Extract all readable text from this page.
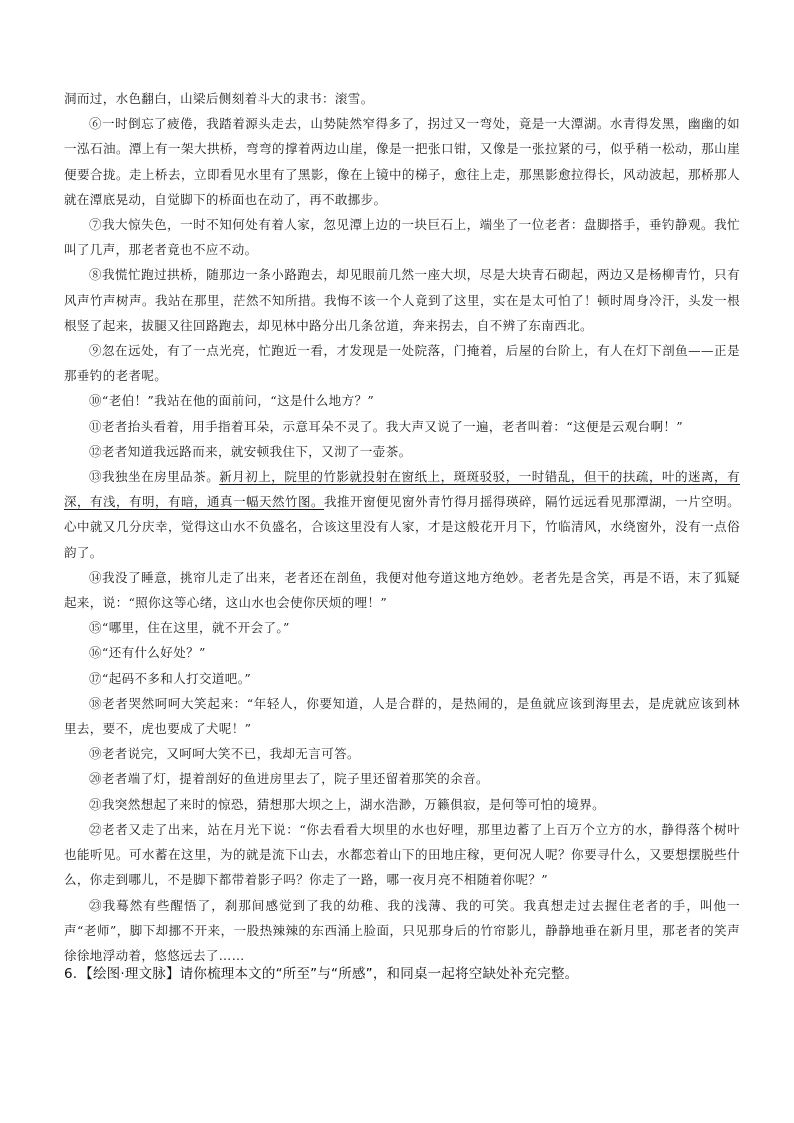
洞而过，水色翻白，山梁后侧刻着斗大的隶书：滚雪。

⑥一时倒忘了疲倦，我踏着源头走去，山势陡然窄得多了，拐过又一弯处，竟是一大潭湖。水青得发黑，幽幽的如一泓石油。潭上有一架大拱桥，弯弯的撑着两边山崖，像是一把张口钳，又像是一张拉紧的弓，似乎稍一松动，那山崖便要合拢。走上桥去，立即看见水里有了黑影，像在上镜中的梯子，愈往上走，那黑影愈拉得长，风动波起，那桥那人就在潭底晃动，自觉脚下的桥面也在动了，再不敢挪步。

⑦我大惊失色，一时不知何处有着人家，忽见潭上边的一块巨石上，端坐了一位老者：盘脚搭手，垂钓静观。我忙叫了几声，那老者竟也不应不动。

⑧我慌忙跑过拱桥，随那边一条小路跑去，却见眼前几然一座大坝，尽是大块青石砌起，两边又是杨柳青竹，只有风声竹声树声。我站在那里，茫然不知所措。我悔不该一个人竟到了这里，实在是太可怕了！顿时周身冷汗，头发一根根竖了起来，拔腿又往回路跑去，却见林中路分出几条岔道，奔来拐去，自不辨了东南西北。

⑨忽在远处，有了一点光亮，忙跑近一看，才发现是一处院落，门掩着，后屋的台阶上，有人在灯下剖鱼——正是那垂钓的老者呢。

⑩“老伯！”我站在他的面前问，“这是什么地方？”

⑪老者抬头看着，用手指着耳朵，示意耳朵不灵了。我大声又说了一遍，老者叫着：“这便是云观台啊！”

⑫老者知道我远路而来，就安顿我住下，又沏了一壶茶。

⑬我独坐在房里品茶。新月初上，院里的竹影就投射在窗纸上，斑斑驳驳，一时错乱，但干的扶疏，叶的迷离，有深，有浅，有明，有暗，通真一幅天然竹图。我推开窗便见窗外青竹得月摇得瑛碎，隔竹远远看见那潭湖，一片空明。心中就又几分庆幸，觉得这山水不负盛名，合该这里没有人家，才是这般花开月下，竹临清风，水绕窗外，没有一点俗韵了。

⑭我没了睡意，挑帘儿走了出来，老者还在剖鱼，我便对他夸道这地方绝妙。老者先是含笑，再是不语，末了狐疑起来，说：“照你这等心绪，这山水也会使你厌烦的哩！”

⑮“哪里，住在这里，就不开会了。”

⑯“还有什么好处？”

⑰“起码不多和人打交道吧。”

⑱老者哭然呵呵大笑起来：“年轻人，你要知道，人是合群的，是热闹的，是鱼就应该到海里去，是虎就应该到林里去，要不，虎也要成了犬呢！”

⑲老者说完，又呵呵大笑不已，我却无言可答。

⑳老者端了灯，提着剖好的鱼进房里去了，院子里还留着那笑的余音。

㉑我突然想起了来时的惊恐，猜想那大坝之上，湖水浩渺，万籁俱寂，是何等可怕的境界。

㉒老者又走了出来，站在月光下说：“你去看看大坝里的水也好哩，那里边蓄了上百万个立方的水，静得落个树叶也能听见。可水蓄在这里，为的就是流下山去，水都恋着山下的田地庄稼，更何况人呢？你要寻什么，又要想摆脱些什么，你走到哪儿，不是脚下都带着影子吗？你走了一路，哪一夜月亮不相随着你呢？”

㉓我蓦然有些醒悟了，刹那间感觉到了我的幼稚、我的浅薄、我的可笑。我真想走过去握住老者的手，叫他一声“老师”，脚下却挪不开来，一股热辣辣的东西涌上脸面，只见那身后的竹帘影儿，静静地垂在新月里，那老者的笑声徐徐地浮动着，悠悠远去了……

6. 【绘图·理文脉】请你梳理本文的“所至”与“所感”，和同桌一起将空缺处补充完整。
